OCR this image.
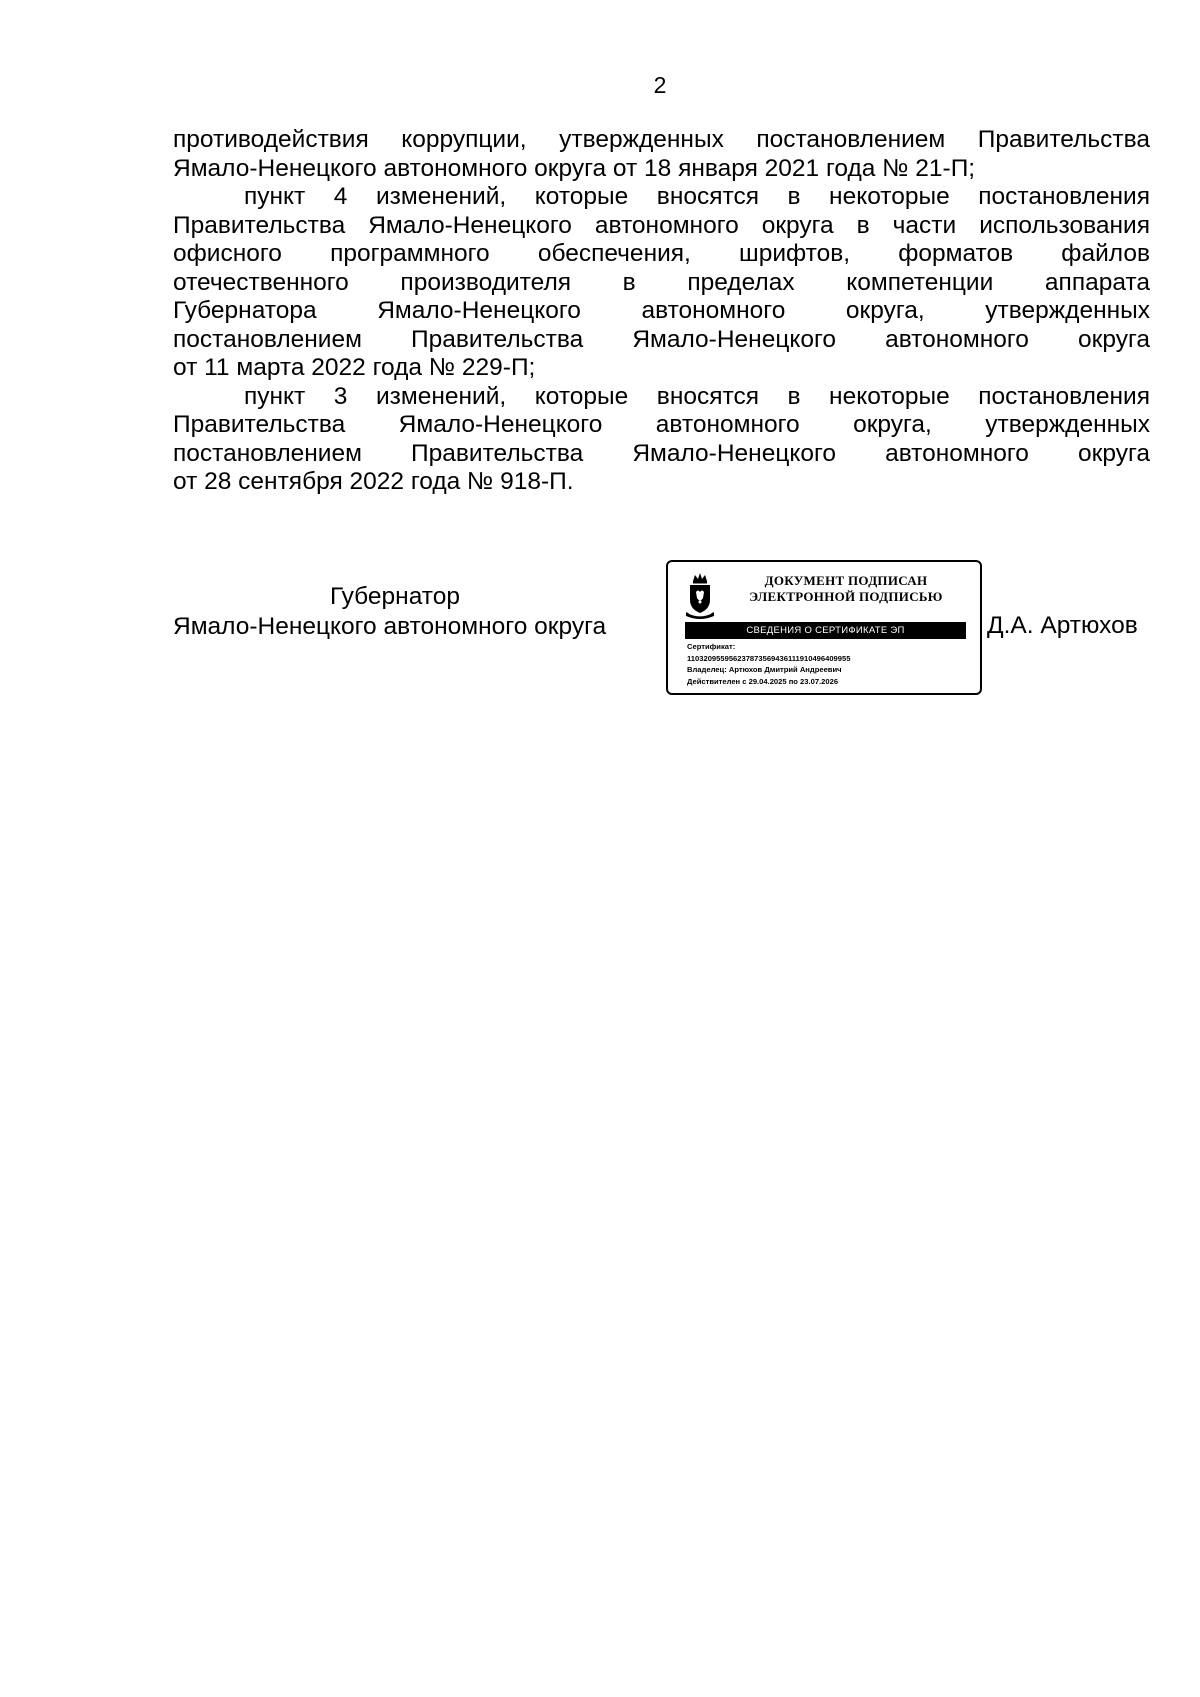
2

противодействия коррупции, утвержденных постановлением Правительства
Ямало-Ненецкого автономного округа от 18 января 2021 года № 21-П;

пункт 4 изменений, которые вносятся в некоторые постановления
Правительства Ямало-Ненецкого автономного округа в части использования
офисного программного обеспечения, шрифтов, форматов файлов
отечественного производителя в пределах компетенции аппарата
Губернатора Ямало-Ненецкого автономного округа, утвержденных
постановлением Правительства Ямало-Ненецкого автономного округа
от 11 марта 2022 года № 229-П;

пункт 3 изменений, которые вносятся в некоторые постановления
Правительства Ямало-Ненецкого автономного округа, утвержденных
постановлением Правительства Ямало-Ненецкого автономного округа
от 28 сентября 2022 года № 918-П.

Губернатор
Ямало-Ненецкого автономного округа
ДОКУМЕНТ ПОДПИСАН
ЭЛЕКТРОННОЙ ПОДПИСЬЮ
СВЕДЕНИЯ О СЕРТИФИКАТЕ ЭП
Сертификат:
110320955956237873569436111910496409955
Владелец: Артюхов Дмитрий Андреевич
Действителен с 29.04.2025 по 23.07.2026
Д.А. Артюхов
